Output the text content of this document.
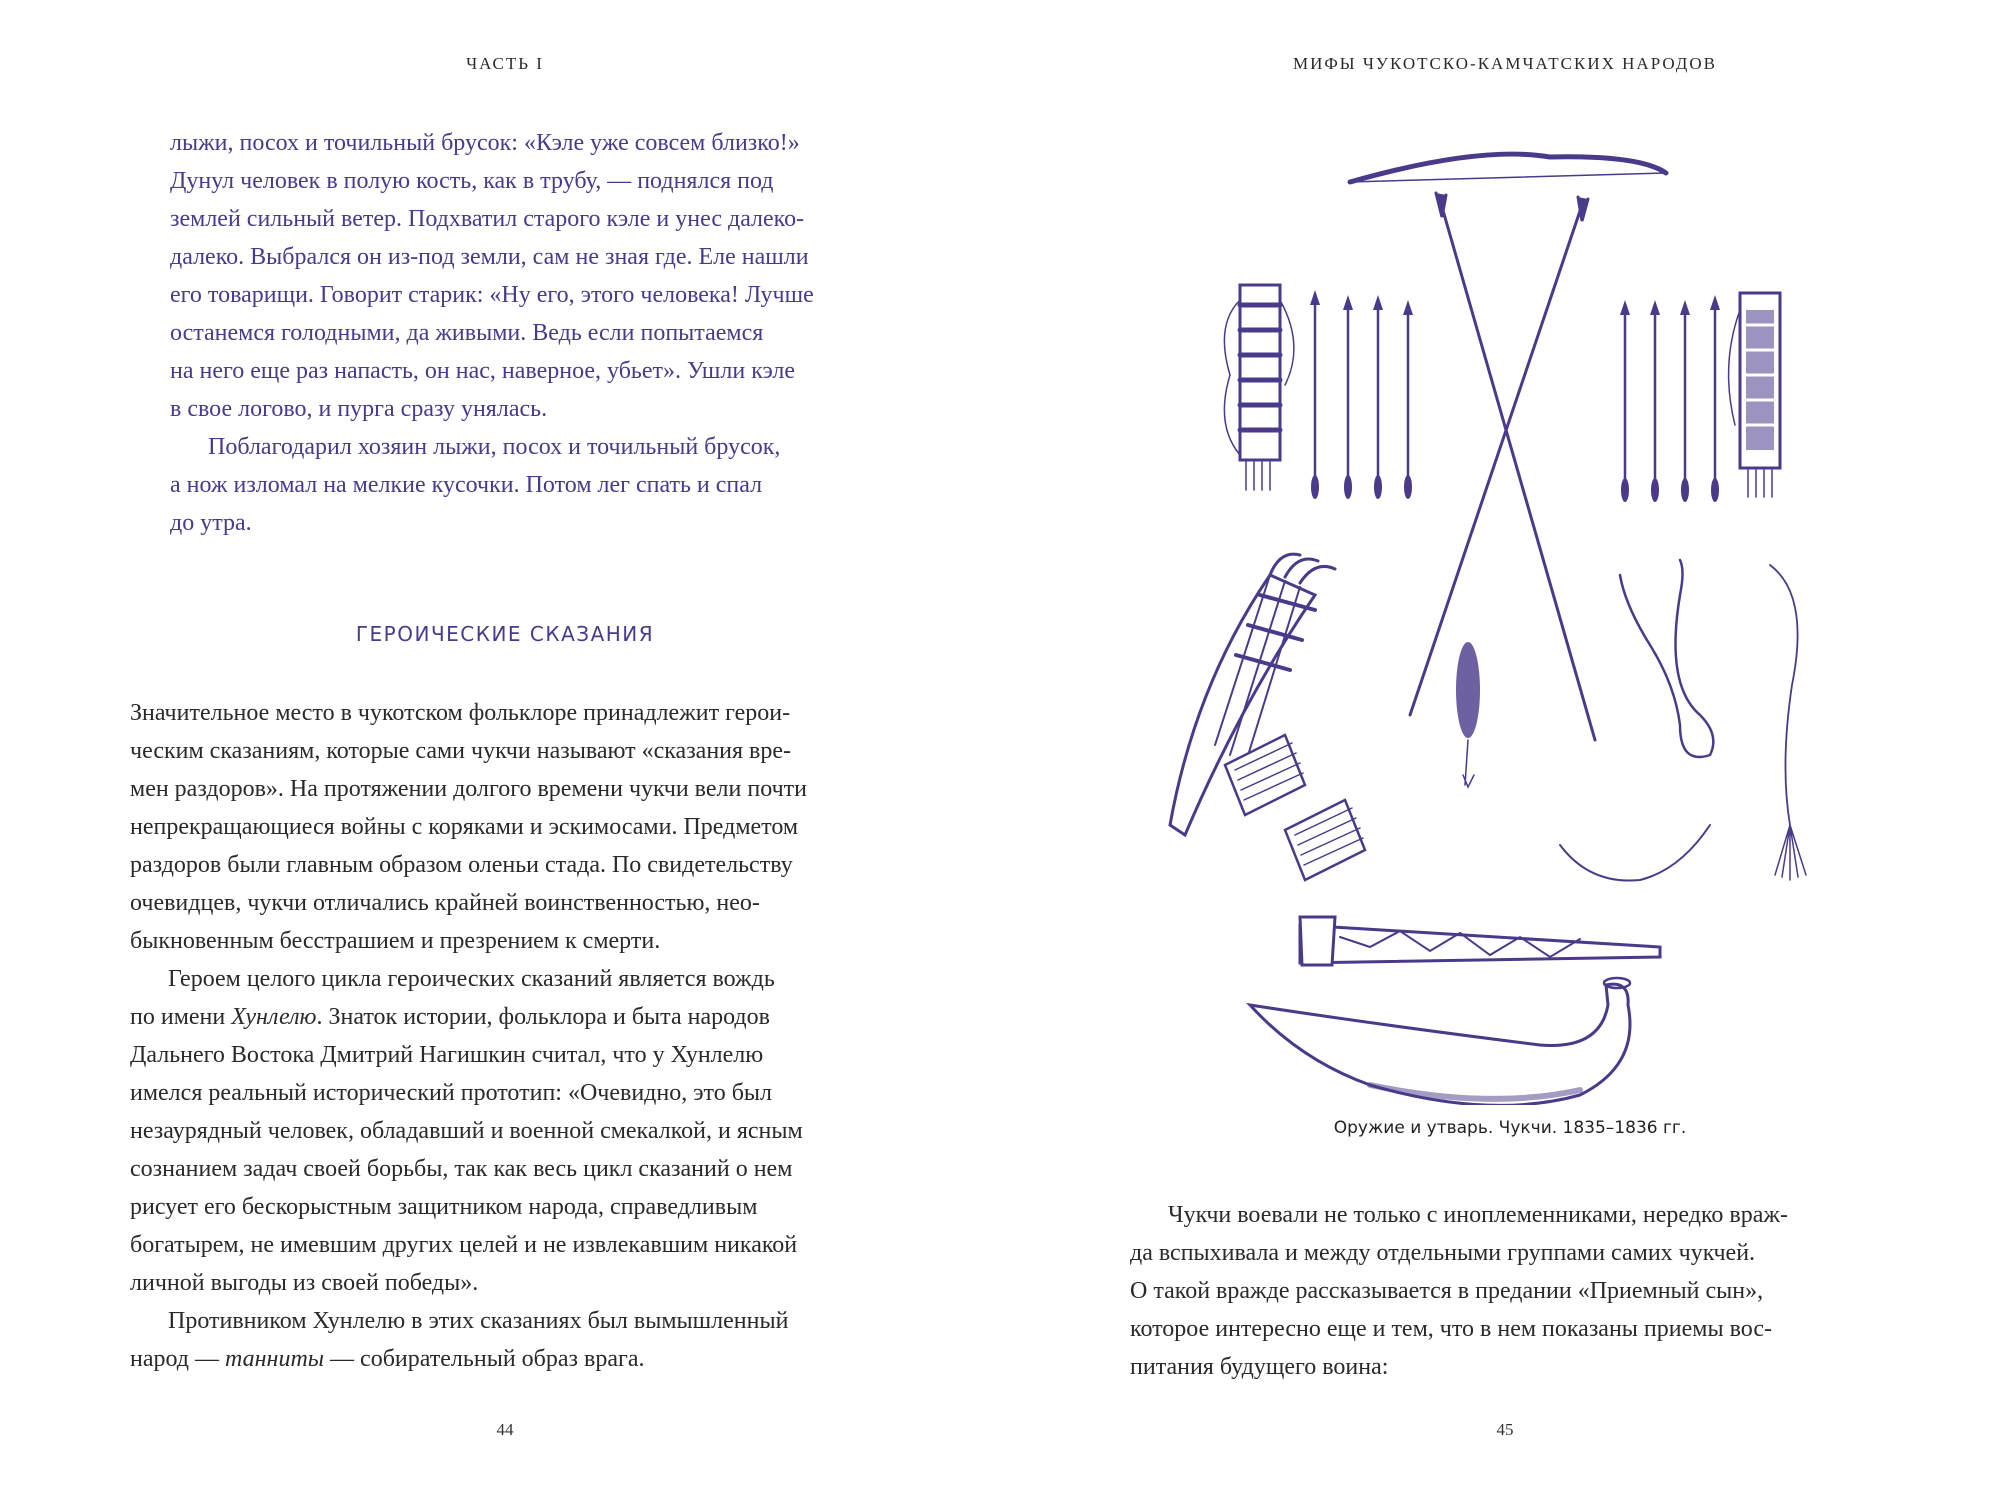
ЧАСТЬ I
лыжи, посох и точильный брусок: «Кэле уже совсем близко!»
Дунул человек в полую кость, как в трубу, — поднялся под
землей сильный ветер. Подхватил старого кэле и унес далеко-
далеко. Выбрался он из-под земли, сам не зная где. Еле нашли
его товарищи. Говорит старик: «Ну его, этого человека! Лучше
останемся голодными, да живыми. Ведь если попытаемся
на него еще раз напасть, он нас, наверное, убьет». Ушли кэле
в свое логово, и пурга сразу унялась.
Поблагодарил хозяин лыжи, посох и точильный брусок,
а нож изломал на мелкие кусочки. Потом лег спать и спал
до утра.
ГЕРОИЧЕСКИЕ СКАЗАНИЯ
Значительное место в чукотском фольклоре принадлежит герои-
ческим сказаниям, которые сами чукчи называют «сказания вре-
мен раздоров». На протяжении долгого времени чукчи вели почти
непрекращающиеся войны с коряками и эскимосами. Предметом
раздоров были главным образом оленьи стада. По свидетельству
очевидцев, чукчи отличались крайней воинственностью, нео-
быкновенным бесстрашием и презрением к смерти.
Героем целого цикла героических сказаний является вождь
по имени Хунлелю. Знаток истории, фольклора и быта народов
Дальнего Востока Дмитрий Нагишкин считал, что у Хунлелю
имелся реальный исторический прототип: «Очевидно, это был
незаурядный человек, обладавший и военной смекалкой, и ясным
сознанием задач своей борьбы, так как весь цикл сказаний о нем
рисует его бескорыстным защитником народа, справедливым
богатырем, не имевшим других целей и не извлекавшим никакой
личной выгоды из своей победы».
Противником Хунлелю в этих сказаниях был вымышленный
народ — танниты — собирательный образ врага.
44
МИФЫ ЧУКОТСКО-КАМЧАТСКИХ НАРОДОВ
45
Оружие и утварь. Чукчи. 1835–1836 гг.
Чукчи воевали не только с иноплеменниками, нередко враж-
да вспыхивала и между отдельными группами самих чукчей.
О такой вражде рассказывается в предании «Приемный сын»,
которое интересно еще и тем, что в нем показаны приемы вос-
питания будущего воина:
